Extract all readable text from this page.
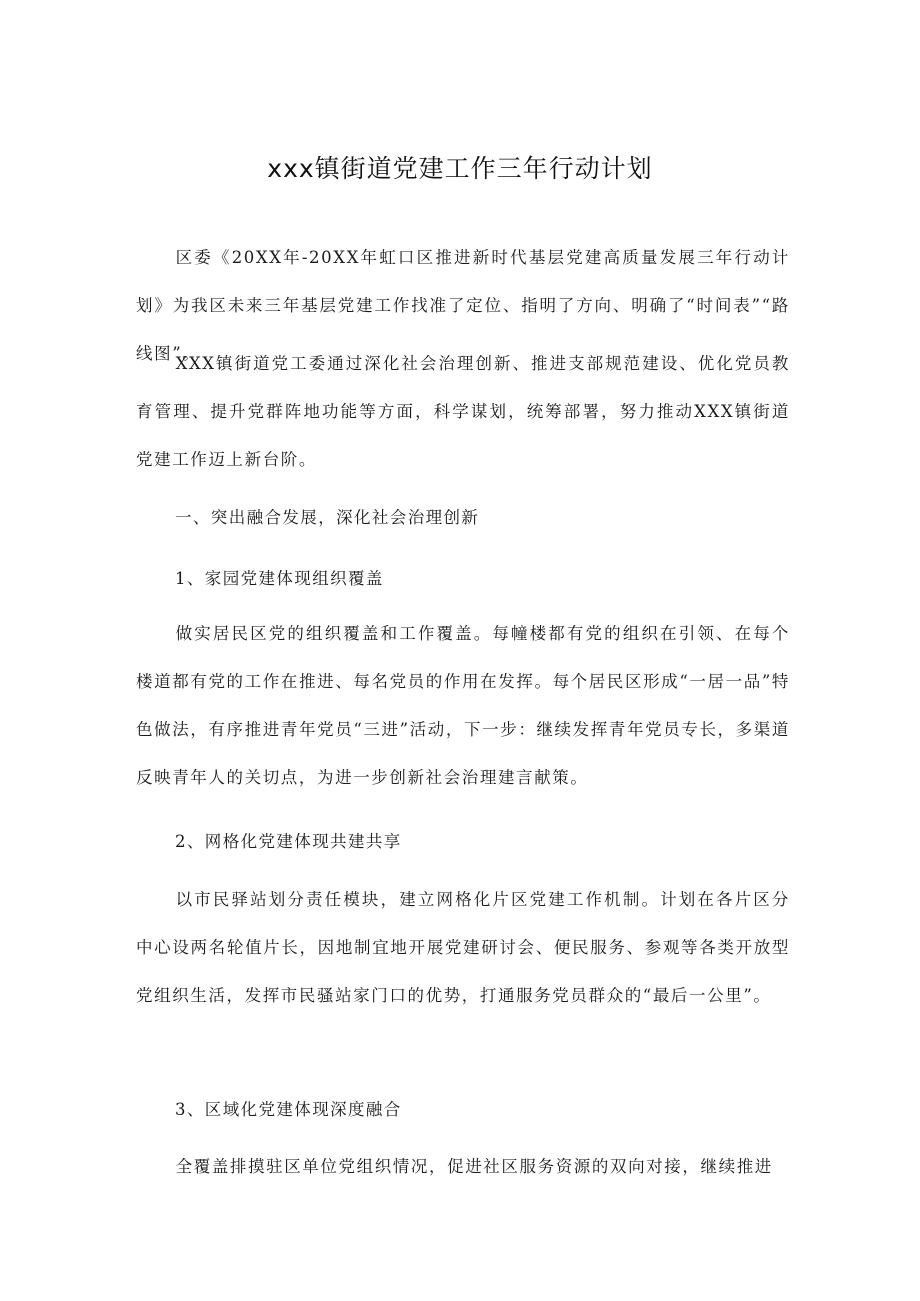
xxx镇街道党建工作三年行动计划

区委《20XX年-20XX年虹口区推进新时代基层党建高质量发展三年行动计划》为我区未来三年基层党建工作找准了定位、指明了方向、明确了“时间表”“路线图”。

XXX镇街道党工委通过深化社会治理创新、推进支部规范建设、优化党员教育管理、提升党群阵地功能等方面，科学谋划，统筹部署，努力推动XXX镇街道党建工作迈上新台阶。

一、突出融合发展，深化社会治理创新

1、家园党建体现组织覆盖

做实居民区党的组织覆盖和工作覆盖。每幢楼都有党的组织在引领、在每个楼道都有党的工作在推进、每名党员的作用在发挥。每个居民区形成“一居一品”特色做法，有序推进青年党员“三进”活动，下一步：继续发挥青年党员专长，多渠道反映青年人的关切点，为进一步创新社会治理建言献策。

2、网格化党建体现共建共享

以市民驿站划分责任模块，建立网格化片区党建工作机制。计划在各片区分中心设两名轮值片长，因地制宜地开展党建研讨会、便民服务、参观等各类开放型党组织生活，发挥市民骚站家门口的优势，打通服务党员群众的“最后一公里”。

3、区域化党建体现深度融合

全覆盖排摸驻区单位党组织情况，促进社区服务资源的双向对接，继续推进
